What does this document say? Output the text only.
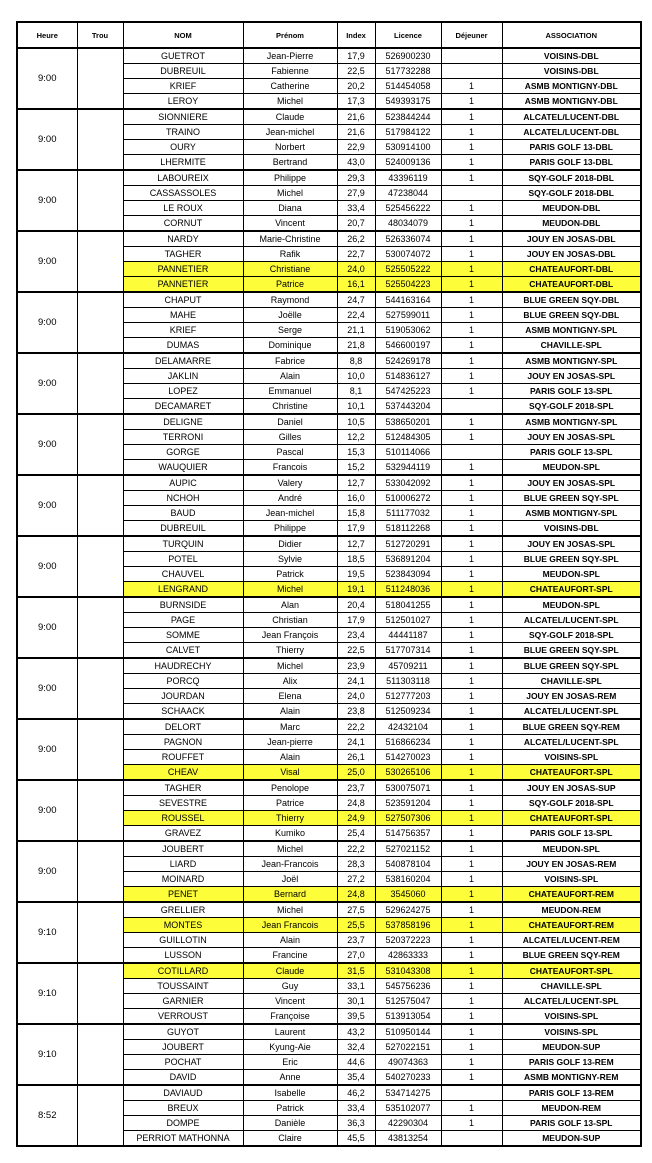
Heure	Trou	NOM	Prénom	Index	Licence	Déjeuner	ASSOCIATION
9:00		GUETROT	Jean-Pierre	17,9	526900230		VOISINS-DBL
		DUBREUIL	Fabienne	22,5	517732288		VOISINS-DBL
		KRIEF	Catherine	20,2	514454058	1	ASMB MONTIGNY-DBL
		LEROY	Michel	17,3	549393175	1	ASMB MONTIGNY-DBL
9:00		SIONNIERE	Claude	21,6	523844244	1	ALCATEL/LUCENT-DBL
		TRAINO	Jean-michel	21,6	517984122	1	ALCATEL/LUCENT-DBL
		OURY	Norbert	22,9	530914100	1	PARIS GOLF 13-DBL
		LHERMITE	Bertrand	43,0	524009136	1	PARIS GOLF 13-DBL
9:00		LABOUREIX	Philippe	29,3	43396119	1	SQY-GOLF 2018-DBL
		CASSASSOLES	Michel	27,9	47238044		SQY-GOLF 2018-DBL
		LE ROUX	Diana	33,4	525456222	1	MEUDON-DBL
		CORNUT	Vincent	20,7	48034079	1	MEUDON-DBL
9:00		NARDY	Marie-Christine	26,2	526336074	1	JOUY EN JOSAS-DBL
		TAGHER	Rafik	22,7	530074072	1	JOUY EN JOSAS-DBL
		PANNETIER	Christiane	24,0	525505222	1	CHATEAUFORT-DBL
		PANNETIER	Patrice	16,1	525504223	1	CHATEAUFORT-DBL
9:00		CHAPUT	Raymond	24,7	544163164	1	BLUE GREEN SQY-DBL
		MAHE	Joëlle	22,4	527599011	1	BLUE GREEN SQY-DBL
		KRIEF	Serge	21,1	519053062	1	ASMB MONTIGNY-SPL
		DUMAS	Dominique	21,8	546600197	1	CHAVILLE-SPL
9:00		DELAMARRE	Fabrice	8,8	524269178	1	ASMB MONTIGNY-SPL
		JAKLIN	Alain	10,0	514836127	1	JOUY EN JOSAS-SPL
		LOPEZ	Emmanuel	8,1	547425223	1	PARIS GOLF 13-SPL
		DECAMARET	Christine	10,1	537443204		SQY-GOLF 2018-SPL
9:00		DELIGNE	Daniel	10,5	538650201	1	ASMB MONTIGNY-SPL
		TERRONI	Gilles	12,2	512484305	1	JOUY EN JOSAS-SPL
		GORGE	Pascal	15,3	510114066		PARIS GOLF 13-SPL
		WAUQUIER	Francois	15,2	532944119	1	MEUDON-SPL
9:00		AUPIC	Valery	12,7	533042092	1	JOUY EN JOSAS-SPL
		NCHOH	André	16,0	510006272	1	BLUE GREEN SQY-SPL
		BAUD	Jean-michel	15,8	511177032	1	ASMB MONTIGNY-SPL
		DUBREUIL	Philippe	17,9	518112268	1	VOISINS-DBL
9:00		TURQUIN	Didier	12,7	512720291	1	JOUY EN JOSAS-SPL
		POTEL	Sylvie	18,5	536891204	1	BLUE GREEN SQY-SPL
		CHAUVEL	Patrick	19,5	523843094	1	MEUDON-SPL
		LENGRAND	Michel	19,1	511248036	1	CHATEAUFORT-SPL
9:00		BURNSIDE	Alan	20,4	518041255	1	MEUDON-SPL
		PAGE	Christian	17,9	512501027	1	ALCATEL/LUCENT-SPL
		SOMME	Jean François	23,4	44441187	1	SQY-GOLF 2018-SPL
		CALVET	Thierry	22,5	517707314	1	BLUE GREEN SQY-SPL
9:00		HAUDRECHY	Michel	23,9	45709211	1	BLUE GREEN SQY-SPL
		PORCQ	Alix	24,1	511303118	1	CHAVILLE-SPL
		JOURDAN	Elena	24,0	512777203	1	JOUY EN JOSAS-REM
		SCHAACK	Alain	23,8	512509234	1	ALCATEL/LUCENT-SPL
9:00		DELORT	Marc	22,2	42432104	1	BLUE GREEN SQY-REM
		PAGNON	Jean-pierre	24,1	516866234	1	ALCATEL/LUCENT-SPL
		ROUFFET	Alain	26,1	514270023	1	VOISINS-SPL
		CHEAV	Visal	25,0	530265106	1	CHATEAUFORT-SPL
9:00		TAGHER	Penolope	23,7	530075071	1	JOUY EN JOSAS-SUP
		SEVESTRE	Patrice	24,8	523591204	1	SQY-GOLF 2018-SPL
		ROUSSEL	Thierry	24,9	527507306	1	CHATEAUFORT-SPL
		GRAVEZ	Kumiko	25,4	514756357	1	PARIS GOLF 13-SPL
9:00		JOUBERT	Michel	22,2	527021152	1	MEUDON-SPL
		LIARD	Jean-Francois	28,3	540878104	1	JOUY EN JOSAS-REM
		MOINARD	Joël	27,2	538160204	1	VOISINS-SPL
		PENET	Bernard	24,8	3545060	1	CHATEAUFORT-REM
9:10		GRELLIER	Michel	27,5	529624275	1	MEUDON-REM
		MONTES	Jean Francois	25,5	537858196	1	CHATEAUFORT-REM
		GUILLOTIN	Alain	23,7	520372223	1	ALCATEL/LUCENT-REM
		LUSSON	Francine	27,0	42863333	1	BLUE GREEN SQY-REM
9:10		COTILLARD	Claude	31,5	531043308	1	CHATEAUFORT-SPL
		TOUSSAINT	Guy	33,1	545756236	1	CHAVILLE-SPL
		GARNIER	Vincent	30,1	512575047	1	ALCATEL/LUCENT-SPL
		VERROUST	Françoise	39,5	513913054	1	VOISINS-SPL
9:10		GUYOT	Laurent	43,2	510950144	1	VOISINS-SPL
		JOUBERT	Kyung-Aie	32,4	527022151	1	MEUDON-SUP
		POCHAT	Eric	44,6	49074363	1	PARIS GOLF 13-REM
		DAVID	Anne	35,4	540270233	1	ASMB MONTIGNY-REM
8:52		DAVIAUD	Isabelle	46,2	534714275		PARIS GOLF 13-REM
		BREUX	Patrick	33,4	535102077	1	MEUDON-REM
		DOMPE	Danièle	36,3	42290304	1	PARIS GOLF 13-SPL
		PERRIOT MATHONNA	Claire	45,5	43813254		MEUDON-SUP
